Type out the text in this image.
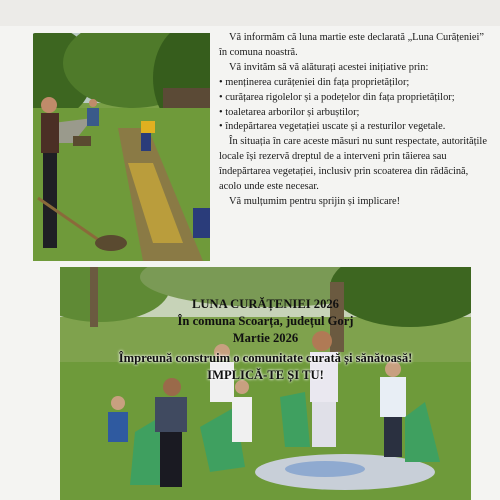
Vă informăm că luna martie este declarată „Luna Curățeniei” în comuna noastră.

Vă invităm să vă alăturați acestei inițiative prin:

• menținerea curățeniei din fața proprietăților;

• curățarea rigolelor și a podețelor din fața proprietăților;

• toaletarea arborilor și arbuștilor;

• îndepărtarea vegetației uscate și a resturilor vegetale.

În situația în care aceste măsuri nu sunt respectate, autoritățile locale își rezervă dreptul de a interveni prin tăierea sau îndepărtarea vegetației, inclusiv prin scoaterea din rădăcină, acolo unde este necesar.

Vă mulțumim pentru sprijin și implicare!

LUNA CURĂȚENIEI 2026
În comuna Scoarța, județul Gorj
Martie 2026
Împreună construim o comunitate curată și sănătoasă!
IMPLICĂ-TE ȘI TU!
